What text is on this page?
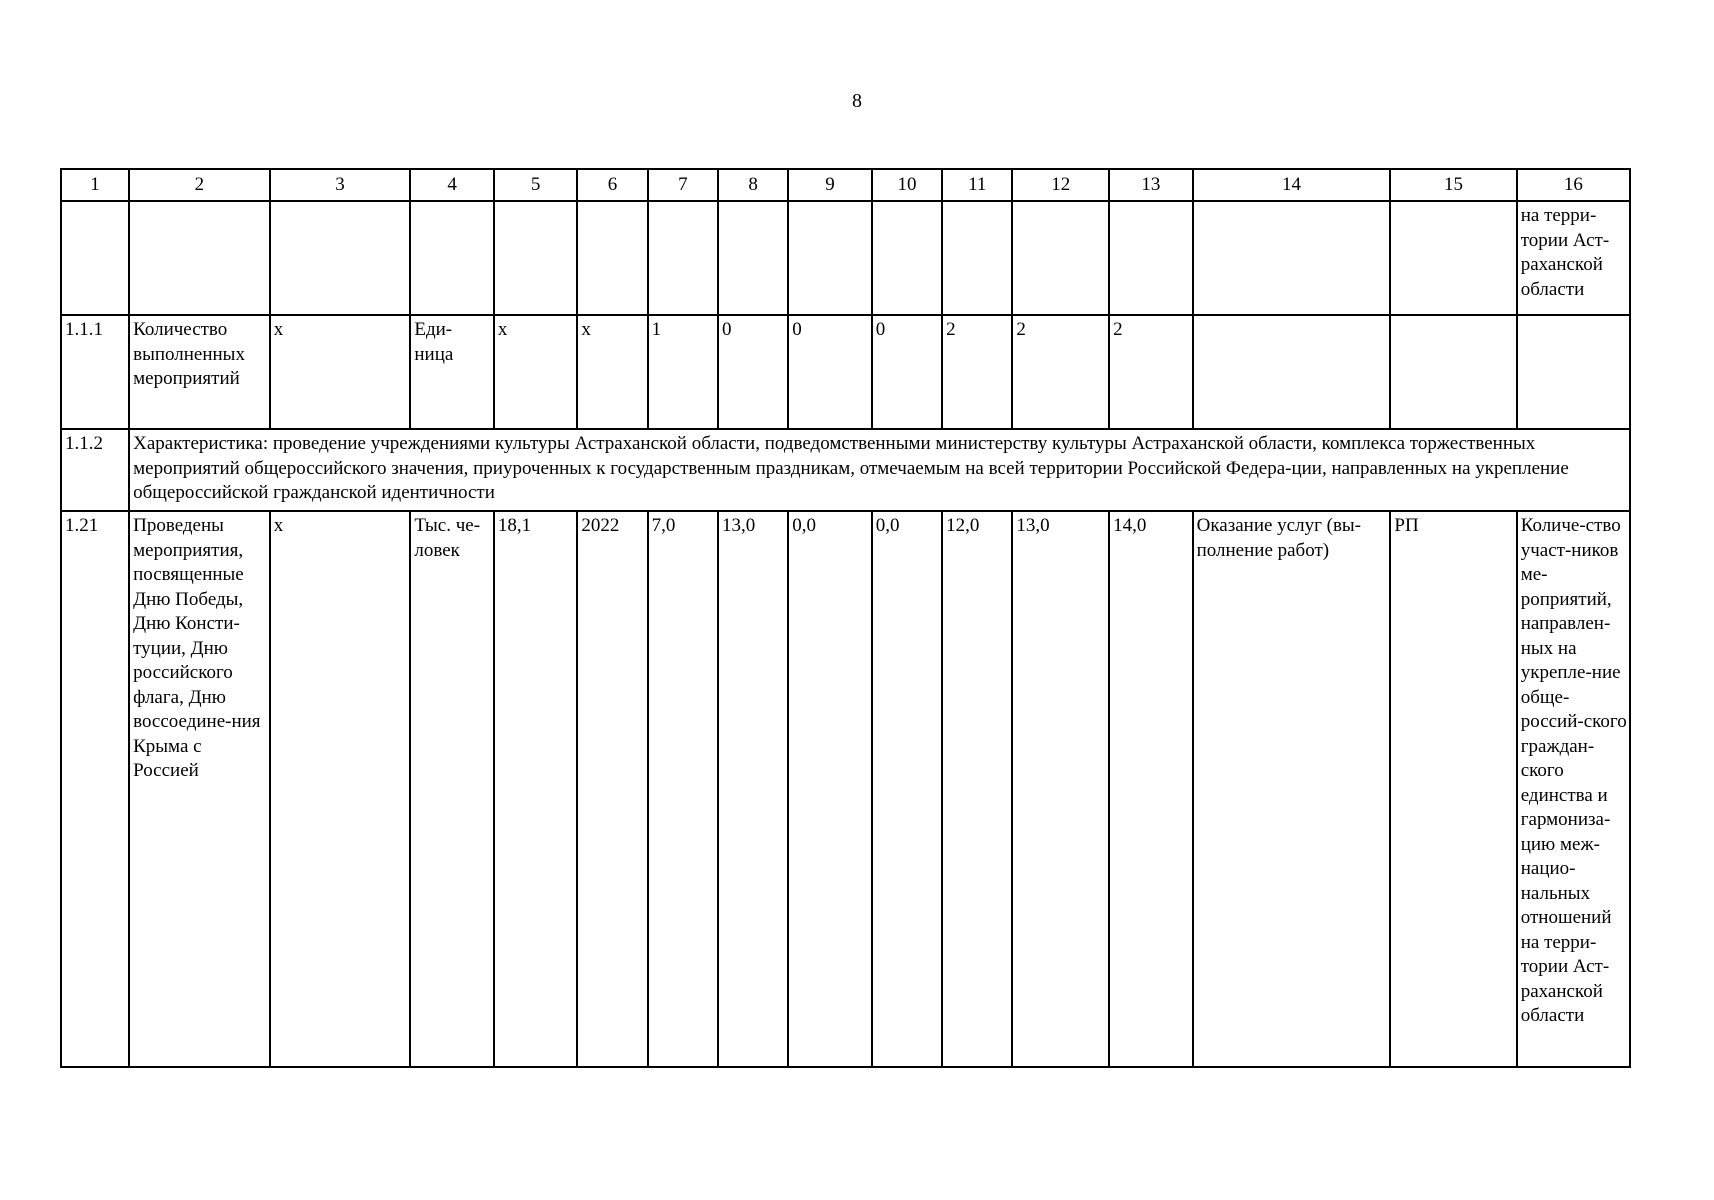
8
1	2	3	4	5	6	7	8	9	10	11	12	13	14	15	16
															на терри-тории Аст-раханской области
1.1.1	Количество выполненных мероприятий	x	Еди-ница	x	x	1	0	0	0	2	2	2			
1.1.2	Характеристика: проведение учреждениями культуры Астраханской области, подведомственными министерству культуры Астраханской области, комплекса торжественных мероприятий общероссийского значения, приуроченных к государственным праздникам, отмечаемым на всей территории Российской Федера-ции, направленных на укрепление общероссийской гражданской идентичности														
1.21	Проведены мероприятия, посвященные Дню Победы, Дню Консти-туции, Дню российского флага, Дню воссоедине-ния Крыма с Россией	x	Тыс. че-ловек	18,1	2022	7,0	13,0	0,0	0,0	12,0	13,0	14,0	Оказание услуг (вы-полнение работ)	РП	Количе-ство участ-ников ме-роприятий, направлен-ных на укрепле-ние обще-россий-ского граждан-ского единства и гармониза-цию меж-нацио-нальных отношений на терри-тории Аст-раханской области
